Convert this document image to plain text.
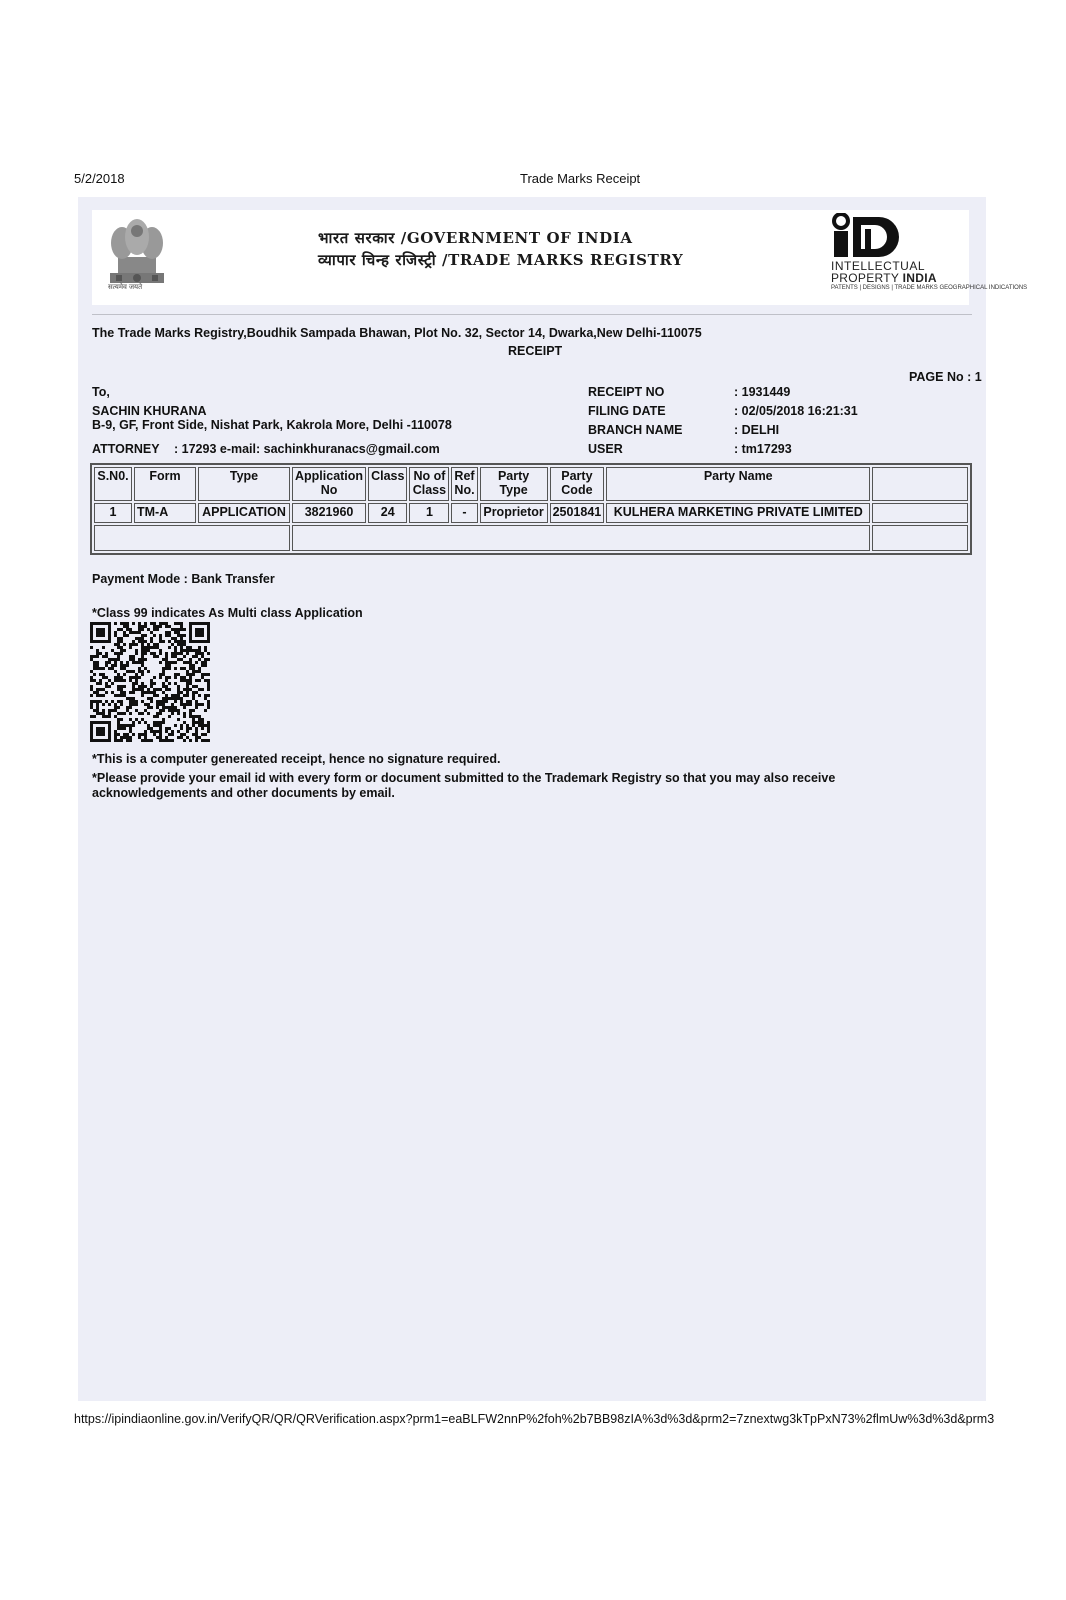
5/2/2018	Trade Marks Receipt
सत्यमेव जयते
भारत सरकार /GOVERNMENT OF INDIA
व्यापार चिन्ह रजिस्ट्री /TRADE MARKS REGISTRY	INTELLECTUAL
PROPERTY INDIA
PATENTS | DESIGNS | TRADE MARKS GEOGRAPHICAL INDICATIONS
The Trade Marks Registry,Boudhik Sampada Bhawan, Plot No. 32, Sector 14, Dwarka,New Delhi-110075
RECEIPT
PAGE No : 1
To,
SACHIN KHURANA
B-9, GF, Front Side, Nishat Park, Kakrola More, Delhi -110078
ATTORNEY : 17293 e-mail: sachinkhuranacs@gmail.com
RECEIPT NO	: 1931449
FILING DATE	: 02/05/2018 16:21:31
BRANCH NAME	: DELHI
USER	: tm17293
S.N0.	Form	Type	Application No	Class	No of Class	Ref No.	Party Type	Party Code	Party Name	
1	TM-A	APPLICATION	3821960	24	1	-	Proprietor	2501841	KULHERA MARKETING PRIVATE LIMITED	

Payment Mode : Bank Transfer
*Class 99 indicates As Multi class Application
*This is a computer genereated receipt, hence no signature required.
*Please provide your email id with every form or document submitted to the Trademark Registry so that you may also receive acknowledgements and other documents by email.
https://ipindiaonline.gov.in/VerifyQR/QR/QRVerification.aspx?prm1=eaBLFW2nnP%2foh%2b7BB98zIA%3d%3d&prm2=7znextwg3kTpPxN73%2flmUw%3d%3d&prm3
